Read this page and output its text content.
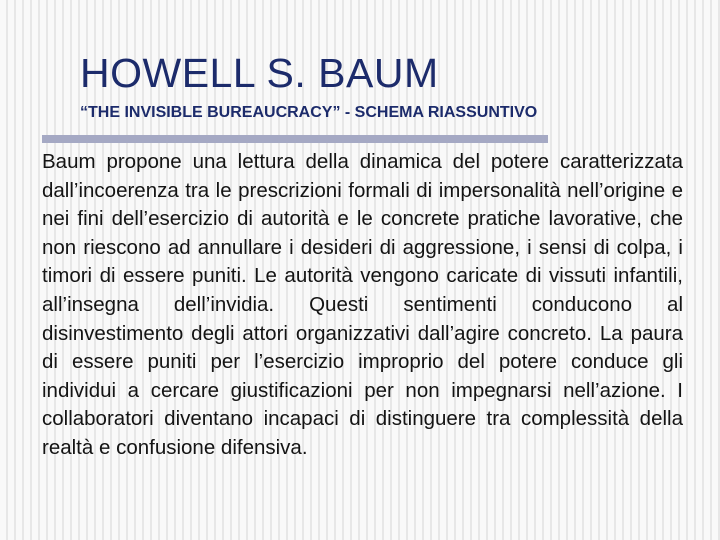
HOWELL S. BAUM
“THE INVISIBLE BUREAUCRACY” - SCHEMA RIASSUNTIVO

Baum propone una lettura della dinamica del potere caratterizzata dall’incoerenza tra le prescrizioni formali di impersonalità nell’origine e nei fini dell’esercizio di autorità e le concrete pratiche lavorative, che non riescono ad annullare i desideri di aggressione, i sensi di colpa, i timori di essere puniti. Le autorità vengono caricate di vissuti infantili, all’insegna dell’invidia. Questi sentimenti conducono al disinvestimento degli attori organizzativi dall’agire concreto. La paura di essere puniti per l’esercizio improprio del potere conduce gli individui a cercare giustificazioni per non impegnarsi nell’azione. I collaboratori diventano incapaci di distinguere tra complessità della realtà e confusione difensiva.
